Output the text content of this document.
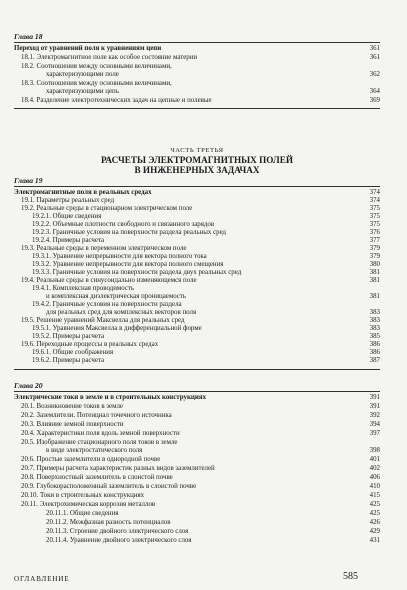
Глава 18
Переход от уравнений поля к уравнениям цепи	361
18.1. Электромагнитное поле как особое состояние материи	361
18.2. Соотношения между основными величинами,
характеризующими поле	362
18.3. Соотношения между основными величинами,
характеризующими цепь	364
18.4. Разделение электротехнических задач на цепные и полевые	369
ЧАСТЬ ТРЕТЬЯ
РАСЧЕТЫ ЭЛЕКТРОМАГНИТНЫХ ПОЛЕЙ
В ИНЖЕНЕРНЫХ ЗАДАЧАХ
Глава 19
Электромагнитные поля в реальных средах	374
19.1. Параметры реальных сред	374
19.2. Реальные среды в стационарном электрическом поле	375
19.2.1. Общие сведения	375
19.2.2. Объемные плотности свободного и связанного зарядов	375
19.2.3. Граничные условия на поверхности раздела реальных сред	376
19.2.4. Примеры расчета	377
19.3. Реальные среды в переменном электрическом поле	379
19.3.1. Уравнение непрерывности для вектора полного тока	379
19.3.2. Уравнение непрерывности для вектора полного смещения	380
19.3.3. Граничные условия на поверхности раздела двух реальных сред	381
19.4. Реальные среды в синусоидально изменяющемся поле	381
19.4.1. Комплексная проводимость
и комплексная диэлектрическая проницаемость	381
19.4.2. Граничные условия на поверхности раздела
для реальных сред для комплексных векторов поля	383
19.5. Решение уравнений Максвелла для реальных сред	383
19.5.1. Уравнения Максвелла в дифференциальной форме	383
19.5.2. Примеры расчета	385
19.6. Переходные процессы в реальных средах	386
19.6.1. Общие соображения	386
19.6.2. Примеры расчета	387
Глава 20
Электрические токи в земле и в строительных конструкциях	391
20.1. Возникновение токов в земле	391
20.2. Заземлители. Потенциал точечного источника	392
20.3. Влияние земной поверхности	394
20.4. Характеристики поля вдоль земной поверхности	397
20.5. Изображение стационарного поля токов в земле
в виде электростатического поля	398
20.6. Простые заземлители в однородной почве	401
20.7. Примеры расчета характеристик разных видов заземлителей	402
20.8. Поверхностный заземлитель в слоистой почве	406
20.9. Глубокорасположенный заземлитель в слоистой почве	410
20.10. Токи в строительных конструкциях	415
20.11. Электрохимическая коррозия металлов	425
20.11.1. Общие сведения	425
20.11.2. Межфазная разность потенциалов	426
20.11.3. Строение двойного электрического слоя	429
20.11.4. Уравнение двойного электрического слоя	431
ОГЛАВЛЕНИЕ	585
